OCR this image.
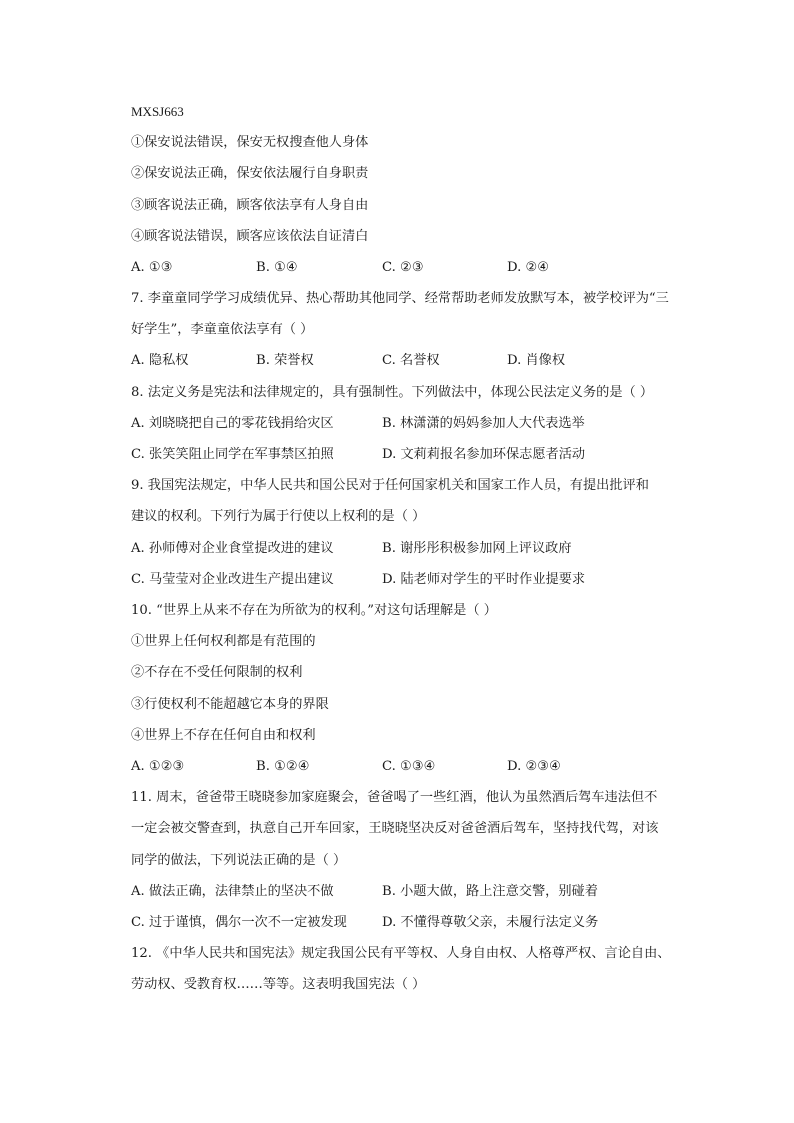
MXSJ663
①保安说法错误，保安无权搜查他人身体
②保安说法正确，保安依法履行自身职责
③顾客说法正确，顾客依法享有人身自由
④顾客说法错误，顾客应该依法自证清白
A. ①③	B. ①④	C. ②③	D. ②④
7. 李童童同学学习成绩优异、热心帮助其他同学、经常帮助老师发放默写本，被学校评为“三
好学生”，李童童依法享有（ ）
A. 隐私权	B. 荣誉权	C. 名誉权	D. 肖像权
8. 法定义务是宪法和法律规定的，具有强制性。下列做法中，体现公民法定义务的是（ ）
A. 刘晓晓把自己的零花钱捐给灾区	B. 林潇潇的妈妈参加人大代表选举
C. 张笑笑阻止同学在军事禁区拍照	D. 文莉莉报名参加环保志愿者活动
9. 我国宪法规定，中华人民共和国公民对于任何国家机关和国家工作人员，有提出批评和
建议的权利。下列行为属于行使以上权利的是（ ）
A. 孙师傅对企业食堂提改进的建议	B. 谢彤彤积极参加网上评议政府
C. 马莹莹对企业改进生产提出建议	D. 陆老师对学生的平时作业提要求
10. “世界上从来不存在为所欲为的权利。”对这句话理解是（ ）
①世界上任何权利都是有范围的
②不存在不受任何限制的权利
③行使权利不能超越它本身的界限
④世界上不存在任何自由和权利
A. ①②③	B. ①②④	C. ①③④	D. ②③④
11. 周末，爸爸带王晓晓参加家庭聚会，爸爸喝了一些红酒，他认为虽然酒后驾车违法但不
一定会被交警查到，执意自己开车回家，王晓晓坚决反对爸爸酒后驾车，坚持找代驾，对该
同学的做法，下列说法正确的是（ ）
A. 做法正确，法律禁止的坚决不做	B. 小题大做，路上注意交警，别碰着
C. 过于谨慎，偶尔一次不一定被发现	D. 不懂得尊敬父亲，未履行法定义务
12. 《中华人民共和国宪法》规定我国公民有平等权、人身自由权、人格尊严权、言论自由、
劳动权、受教育权……等等。这表明我国宪法（ ）
